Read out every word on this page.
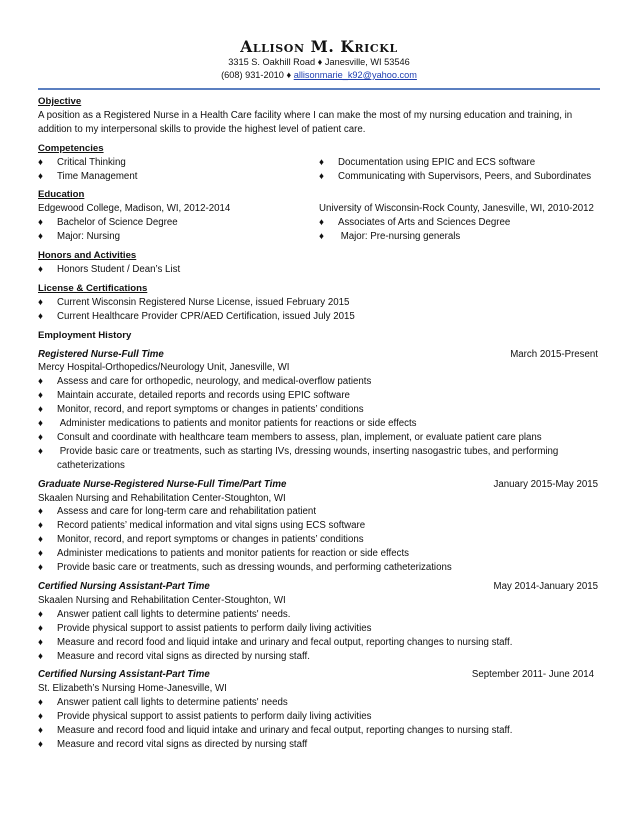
Allison M. Krickl
3315 S. Oakhill Road ♦ Janesville, WI 53546
(608) 931-2010 ♦ allisonmarie_k92@yahoo.com
Objective
A position as a Registered Nurse in a Health Care facility where I can make the most of my nursing education and training, in addition to my interpersonal skills to provide the highest level of patient care.
Competencies
♦	Critical Thinking
♦	Time Management
♦	Documentation using EPIC and ECS software
♦	Communicating with Supervisors, Peers, and Subordinates
Education
Edgewood College, Madison, WI, 2012-2014
♦	Bachelor of Science Degree
♦	Major: Nursing
University of Wisconsin-Rock County, Janesville, WI, 2010-2012
♦	Associates of Arts and Sciences Degree
♦	Major: Pre-nursing generals
Honors and Activities
♦	Honors Student / Dean’s List
License & Certifications
♦	Current Wisconsin Registered Nurse License, issued February 2015
♦	Current Healthcare Provider CPR/AED Certification, issued July 2015
Employment History
Registered Nurse-Full Time	March 2015-Present
Mercy Hospital-Orthopedics/Neurology Unit, Janesville, WI
♦	Assess and care for orthopedic, neurology, and medical-overflow patients
♦	Maintain accurate, detailed reports and records using EPIC software
♦	Monitor, record, and report symptoms or changes in patients’ conditions
♦	Administer medications to patients and monitor patients for reactions or side effects
♦	Consult and coordinate with healthcare team members to assess, plan, implement, or evaluate patient care plans
♦	Provide basic care or treatments, such as starting IVs, dressing wounds, inserting nasogastric tubes, and performing catheterizations
Graduate Nurse-Registered Nurse-Full Time/Part Time	January 2015-May 2015
Skaalen Nursing and Rehabilitation Center-Stoughton, WI
♦	Assess and care for long-term care and rehabilitation patient
♦	Record patients’ medical information and vital signs using ECS software
♦	Monitor, record, and report symptoms or changes in patients’ conditions
♦	Administer medications to patients and monitor patients for reaction or side effects
♦	Provide basic care or treatments, such as dressing wounds, and performing catheterizations
Certified Nursing Assistant-Part Time	May 2014-January 2015
Skaalen Nursing and Rehabilitation Center-Stoughton, WI
♦	Answer patient call lights to determine patients' needs.
♦	Provide physical support to assist patients to perform daily living activities
♦	Measure and record food and liquid intake and urinary and fecal output, reporting changes to nursing staff.
♦	Measure and record vital signs as directed by nursing staff.
Certified Nursing Assistant-Part Time	September 2011- June 2014
St. Elizabeth’s Nursing Home-Janesville, WI
♦	Answer patient call lights to determine patients' needs
♦	Provide physical support to assist patients to perform daily living activities
♦	Measure and record food and liquid intake and urinary and fecal output, reporting changes to nursing staff.
♦	Measure and record vital signs as directed by nursing staff
